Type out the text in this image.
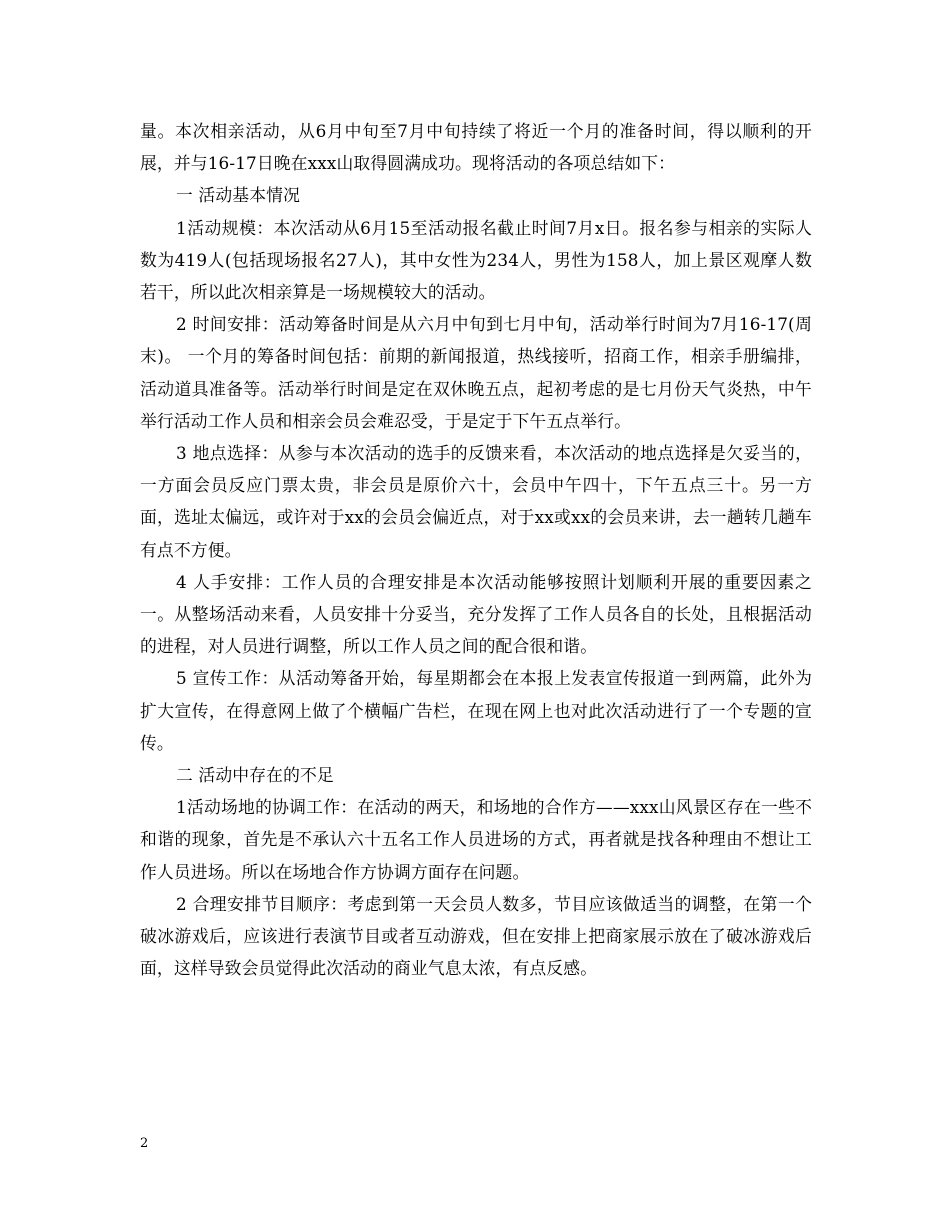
量。本次相亲活动，从6月中旬至7月中旬持续了将近一个月的准备时间，得以顺利的开展，并与16-17日晚在xxx山取得圆满成功。现将活动的各项总结如下：

一 活动基本情况

1活动规模：本次活动从6月15至活动报名截止时间7月x日。报名参与相亲的实际人数为419人(包括现场报名27人)，其中女性为234人，男性为158人，加上景区观摩人数若干，所以此次相亲算是一场规模较大的活动。

2 时间安排：活动筹备时间是从六月中旬到七月中旬，活动举行时间为7月16-17(周末)。 一个月的筹备时间包括：前期的新闻报道，热线接听，招商工作，相亲手册编排，活动道具准备等。活动举行时间是定在双休晚五点，起初考虑的是七月份天气炎热，中午举行活动工作人员和相亲会员会难忍受，于是定于下午五点举行。

3 地点选择：从参与本次活动的选手的反馈来看，本次活动的地点选择是欠妥当的，一方面会员反应门票太贵，非会员是原价六十，会员中午四十，下午五点三十。另一方面，选址太偏远，或许对于xx的会员会偏近点，对于xx或xx的会员来讲，去一趟转几趟车有点不方便。

4 人手安排：工作人员的合理安排是本次活动能够按照计划顺利开展的重要因素之一。从整场活动来看，人员安排十分妥当，充分发挥了工作人员各自的长处，且根据活动的进程，对人员进行调整，所以工作人员之间的配合很和谐。

5 宣传工作：从活动筹备开始，每星期都会在本报上发表宣传报道一到两篇，此外为扩大宣传，在得意网上做了个横幅广告栏，在现在网上也对此次活动进行了一个专题的宣传。

二 活动中存在的不足

1活动场地的协调工作：在活动的两天，和场地的合作方——xxx山风景区存在一些不和谐的现象，首先是不承认六十五名工作人员进场的方式，再者就是找各种理由不想让工作人员进场。所以在场地合作方协调方面存在问题。

2 合理安排节目顺序：考虑到第一天会员人数多，节目应该做适当的调整，在第一个破冰游戏后，应该进行表演节目或者互动游戏，但在安排上把商家展示放在了破冰游戏后面，这样导致会员觉得此次活动的商业气息太浓，有点反感。

2
